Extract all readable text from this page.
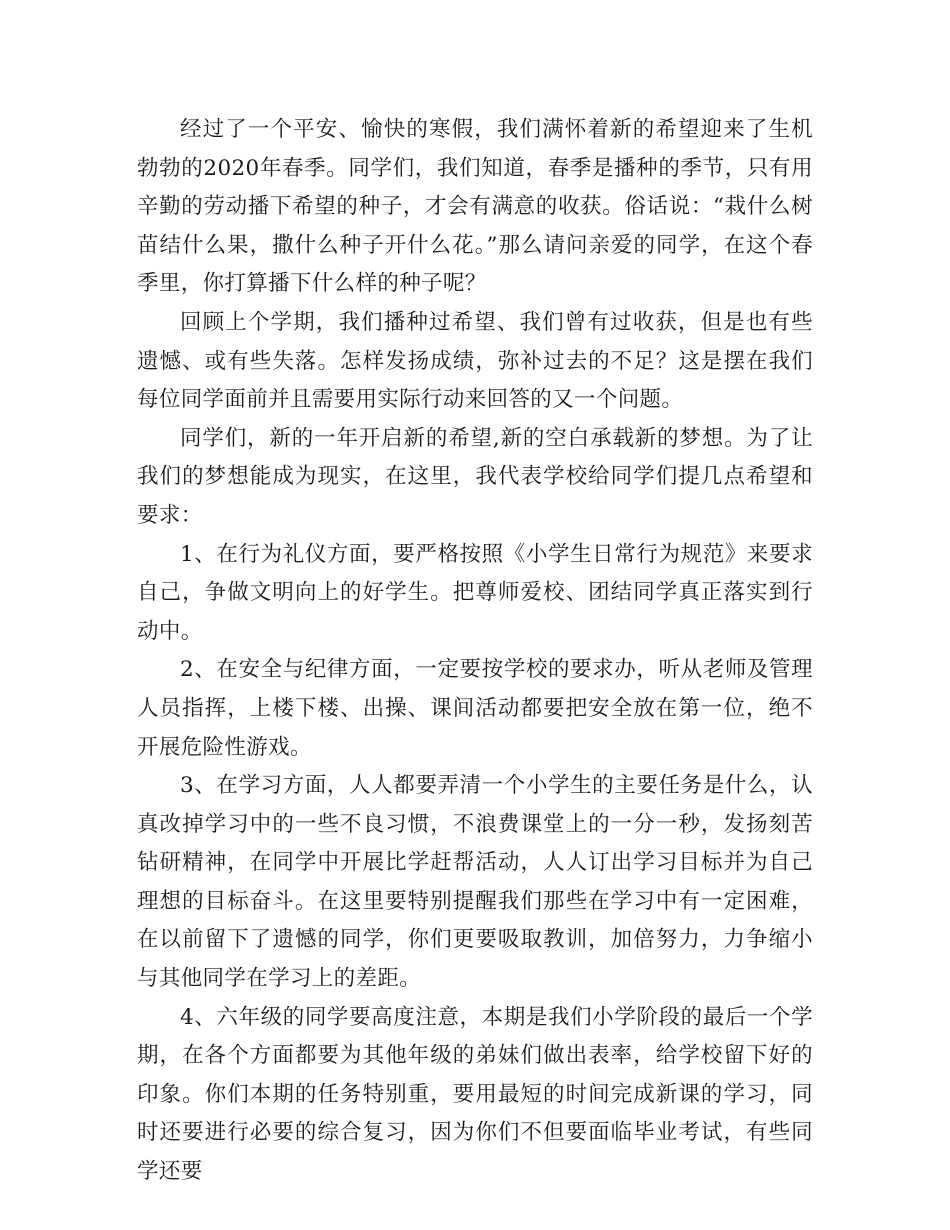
经过了一个平安、愉快的寒假，我们满怀着新的希望迎来了生机勃勃的2020年春季。同学们，我们知道，春季是播种的季节，只有用辛勤的劳动播下希望的种子，才会有满意的收获。俗话说：“栽什么树苗结什么果，撒什么种子开什么花。”那么请问亲爱的同学，在这个春季里，你打算播下什么样的种子呢？

回顾上个学期，我们播种过希望、我们曾有过收获，但是也有些遗憾、或有些失落。怎样发扬成绩，弥补过去的不足？这是摆在我们每位同学面前并且需要用实际行动来回答的又一个问题。

同学们，新的一年开启新的希望,新的空白承载新的梦想。为了让我们的梦想能成为现实，在这里，我代表学校给同学们提几点希望和要求：

1、在行为礼仪方面，要严格按照《小学生日常行为规范》来要求自己，争做文明向上的好学生。把尊师爱校、团结同学真正落实到行动中。

2、在安全与纪律方面，一定要按学校的要求办，听从老师及管理人员指挥，上楼下楼、出操、课间活动都要把安全放在第一位，绝不开展危险性游戏。

3、在学习方面，人人都要弄清一个小学生的主要任务是什么，认真改掉学习中的一些不良习惯，不浪费课堂上的一分一秒，发扬刻苦钻研精神，在同学中开展比学赶帮活动，人人订出学习目标并为自己理想的目标奋斗。在这里要特别提醒我们那些在学习中有一定困难，在以前留下了遗憾的同学，你们更要吸取教训，加倍努力，力争缩小与其他同学在学习上的差距。

4、六年级的同学要高度注意，本期是我们小学阶段的最后一个学期，在各个方面都要为其他年级的弟妹们做出表率，给学校留下好的印象。你们本期的任务特别重，要用最短的时间完成新课的学习，同时还要进行必要的综合复习，因为你们不但要面临毕业考试，有些同学还要
